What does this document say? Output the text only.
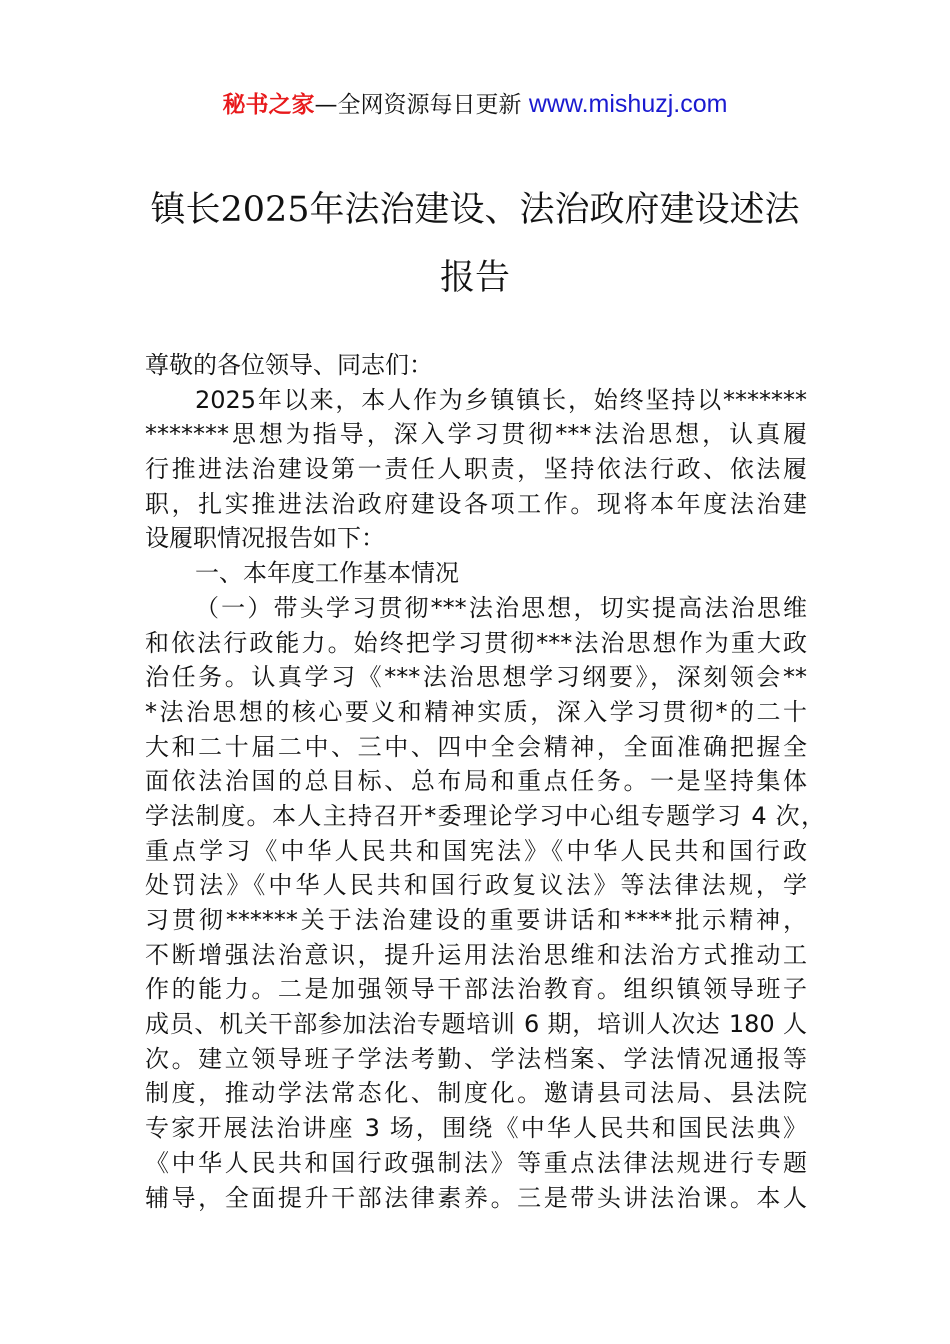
秘书之家—全网资源每日更新 www.mishuzj.com
镇长2025年法治建设、法治政府建设述法
报告
尊敬的各位领导、同志们：
2025年以来，本人作为乡镇镇长，始终坚持以*******
*******思想为指导，深入学习贯彻***法治思想，认真履
行推进法治建设第一责任人职责，坚持依法行政、依法履
职，扎实推进法治政府建设各项工作。现将本年度法治建
设履职情况报告如下：
一、本年度工作基本情况
（一）带头学习贯彻***法治思想，切实提高法治思维
和依法行政能力。始终把学习贯彻***法治思想作为重大政
治任务。认真学习《***法治思想学习纲要》，深刻领会**
*法治思想的核心要义和精神实质，深入学习贯彻*的二十
大和二十届二中、三中、四中全会精神，全面准确把握全
面依法治国的总目标、总布局和重点任务。一是坚持集体
学法制度。本人主持召开*委理论学习中心组专题学习 4 次，
重点学习《中华人民共和国宪法》《中华人民共和国行政
处罚法》《中华人民共和国行政复议法》等法律法规，学
习贯彻******关于法治建设的重要讲话和****批示精神，
不断增强法治意识，提升运用法治思维和法治方式推动工
作的能力。二是加强领导干部法治教育。组织镇领导班子
成员、机关干部参加法治专题培训 6 期，培训人次达 180 人
次。建立领导班子学法考勤、学法档案、学法情况通报等
制度，推动学法常态化、制度化。邀请县司法局、县法院
专家开展法治讲座 3 场，围绕《中华人民共和国民法典》
《中华人民共和国行政强制法》等重点法律法规进行专题
辅导，全面提升干部法律素养。三是带头讲法治课。本人
